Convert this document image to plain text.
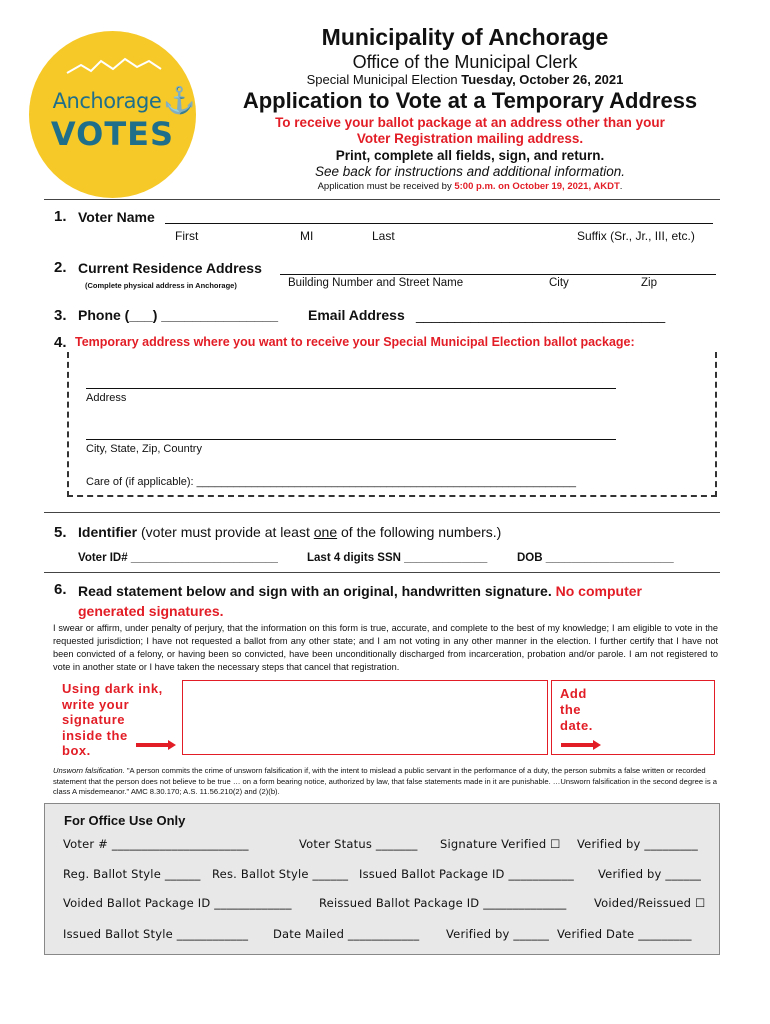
Anchorage ⚓
VOTES
Municipality of Anchorage
Office of the Municipal Clerk
Special Municipal Election Tuesday, October 26, 2021
Application to Vote at a Temporary Address
To receive your ballot package at an address other than your
Voter Registration mailing address.
Print, complete all fields, sign, and return.
See back for instructions and additional information.
Application must be received by 5:00 p.m. on October 19, 2021, AKDT.
1. Voter Name
First	MI	Last	Suffix (Sr., Jr., III, etc.)
2. Current Residence Address
(Complete physical address in Anchorage)	Building Number and Street Name	City	Zip
3. Phone (___) _______________ Email Address ________________________________
4. Temporary address where you want to receive your Special Municipal Election ballot package:
Address
City, State, Zip, Country
Care of (if applicable): ______________________________________________________________
5. Identifier (voter must provide at least one of the following numbers.)
Voter ID# _______________________	Last 4 digits SSN _____________	DOB ____________________
6. Read statement below and sign with an original, handwritten signature. No computer
generated signatures.
I swear or affirm, under penalty of perjury, that the information on this form is true, accurate, and complete to the best of my knowledge; I am eligible to vote in the requested jurisdiction; I have not requested a ballot from any other state; and I am not voting in any other manner in the election. I further certify that I have not been convicted of a felony, or having been so convicted, have been unconditionally discharged from incarceration, probation and/or parole. I am not registered to vote in another state or I have taken the necessary steps that cancel that registration.
Using dark ink,
write your
signature
inside the
box.
Add
the
date.
Unsworn falsification. "A person commits the crime of unsworn falsification if, with the intent to mislead a public servant in the performance of a duty, the person submits a false written or recorded statement that the person does not believe to be true … on a form bearing notice, authorized by law, that false statements made in it are punishable. …Unsworn falsification in the second degree is a class A misdemeanor." AMC 8.30.170; A.S. 11.56.210(2) and (2)(b).
For Office Use Only
Voter # _______________________	Voter Status _______ Signature Verified ☐ Verified by _________
Reg. Ballot Style ______ Res. Ballot Style ______ Issued Ballot Package ID ___________ Verified by ______
Voided Ballot Package ID _____________ Reissued Ballot Package ID ______________ Voided/Reissued ☐
Issued Ballot Style ____________ Date Mailed ____________ Verified by ______ Verified Date _________
